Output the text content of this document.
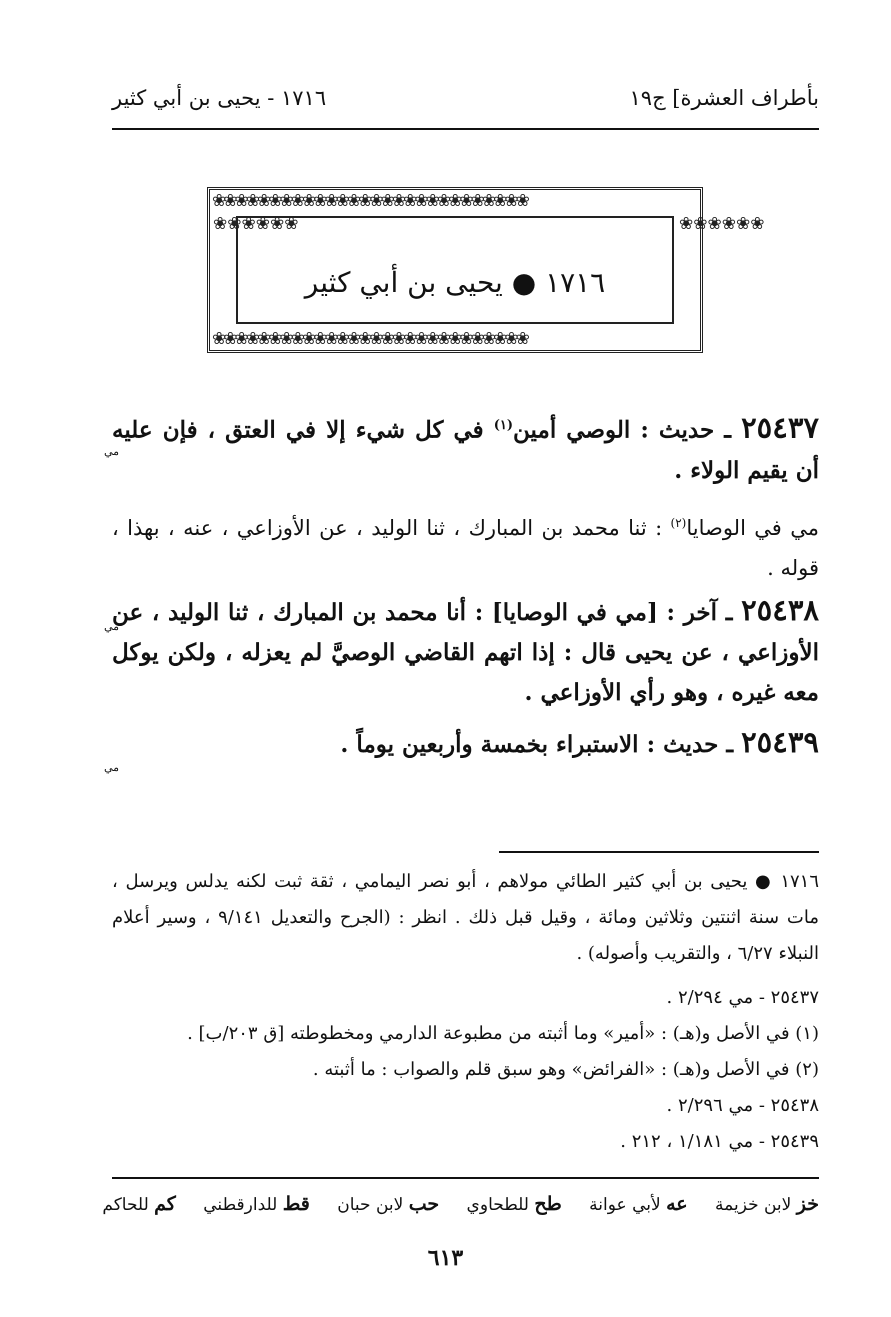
بأطراف العشرة] ج١٩
١٧١٦ - يحيى بن أبي كثير
❀❀❀❀❀❀❀❀❀❀❀❀❀❀❀❀❀❀❀❀❀❀❀❀❀❀❀❀
❀❀❀❀❀❀❀❀❀❀❀❀❀❀❀❀❀❀❀❀❀❀❀❀❀❀❀❀
❀❀❀❀❀❀	❀❀❀❀❀❀
١٧١٦ ● يحيى بن أبي كثير
٢٥٤٣٧ ـ حديث : الوصي أمين$^{(١)}$ في كل شيء إلا في العتق ، فإن عليه أن يقيم الولاء .
مي
مي في الوصايا$^{(٢)}$ : ثنا محمد بن المبارك ، ثنا الوليد ، عن الأوزاعي ، عنه ، بهذا ، قوله .
٢٥٤٣٨ ـ آخر : [مي في الوصايا] : أنا محمد بن المبارك ، ثنا الوليد ، عن الأوزاعي ، عن يحيى قال : إذا اتهم القاضي الوصيَّ لم يعزله ، ولكن يوكل معه غيره ، وهو رأي الأوزاعي .
مي
٢٥٤٣٩ ـ حديث : الاستبراء بخمسة وأربعين يوماً .
مي
١٧١٦ ● يحيى بن أبي كثير الطائي مولاهم ، أبو نصر اليمامي ، ثقة ثبت لكنه يدلس ويرسل ، مات سنة اثنتين وثلاثين ومائة ، وقيل قبل ذلك . انظر : (الجرح والتعديل ٩/١٤١ ، وسير أعلام النبلاء ٦/٢٧ ، والتقريب وأصوله) .
٢٥٤٣٧ - مي ٢/٢٩٤ .
(١) في الأصل و(هـ) : «أمير» وما أثبته من مطبوعة الدارمي ومخطوطته [ق ٢٠٣/ب] .
(٢) في الأصل و(هـ) : «الفرائض» وهو سبق قلم والصواب : ما أثبته .
٢٥٤٣٨ - مي ٢/٢٩٦ .
٢٥٤٣٩ - مي ١/١٨١ ، ٢١٢ .
خز لابن خزيمة عه لأبي عوانة طح للطحاوي حب لابن حبان قط للدارقطني كم للحاكم
٦١٣
